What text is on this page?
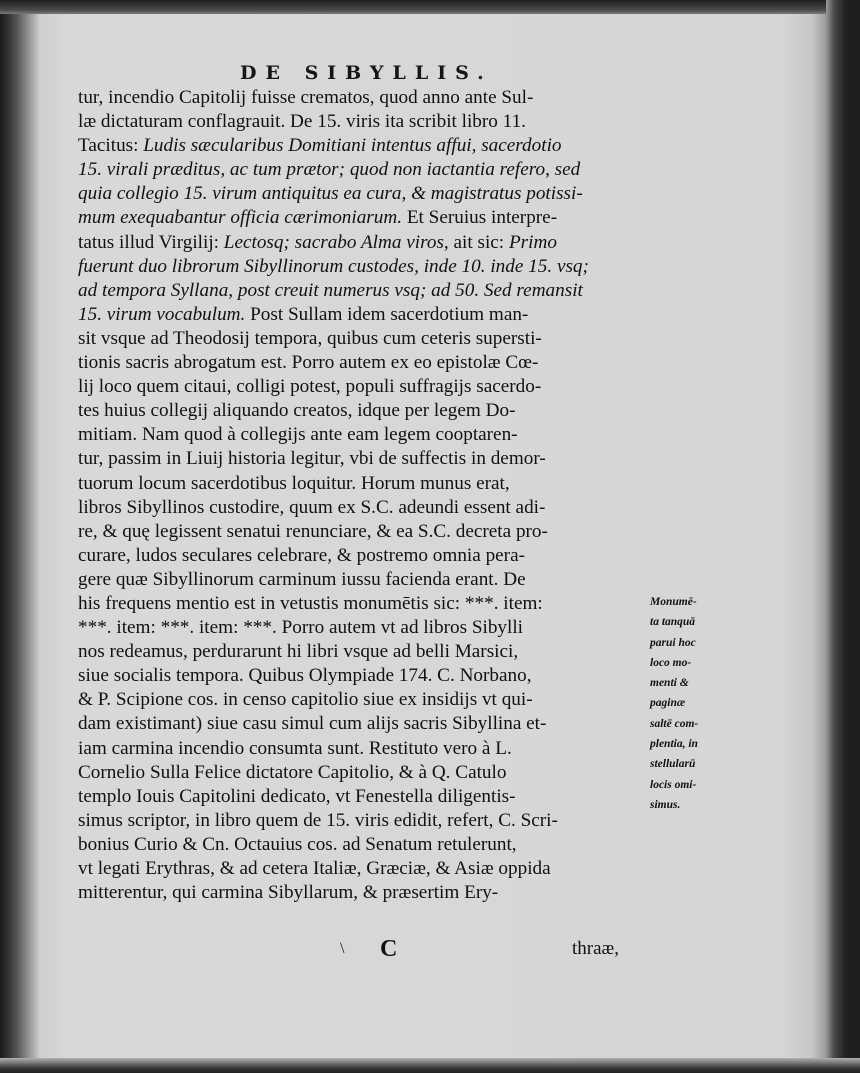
DE SIBYLLIS.
tur, incendio Capitolij fuisse crematos, quod anno ante Sul-
læ dictaturam conflagrauit. De 15. viris ita scribit libro 11.
Tacitus: Ludis sæcularibus Domitiani intentus affui, sacerdotio
15. virali præditus, ac tum prætor; quod non iactantia refero, sed
quia collegio 15. virum antiquitus ea cura, & magistratus potissi-
mum exequabantur officia cærimoniarum. Et Seruius interpre-
tatus illud Virgilij: Lectosq; sacrabo Alma viros, ait sic: Primo
fuerunt duo librorum Sibyllinorum custodes, inde 10. inde 15. vsq;
ad tempora Syllana, post creuit numerus vsq; ad 50. Sed remansit
15. virum vocabulum. Post Sullam idem sacerdotium man-
sit vsque ad Theodosij tempora, quibus cum ceteris supersti-
tionis sacris abrogatum est. Porro autem ex eo epistolæ Cœ-
lij loco quem citaui, colligi potest, populi suffragijs sacerdo-
tes huius collegij aliquando creatos, idque per legem Do-
mitiam. Nam quod à collegijs ante eam legem cooptaren-
tur, passim in Liuij historia legitur, vbi de suffectis in demor-
tuorum locum sacerdotibus loquitur. Horum munus erat,
libros Sibyllinos custodire, quum ex S.C. adeundi essent adi-
re, & quę legissent senatui renunciare, & ea S.C. decreta pro-
curare, ludos seculares celebrare, & postremo omnia pera-
gere quæ Sibyllinorum carminum iussu facienda erant. De
his frequens mentio est in vetustis monumētis sic: ***. item:
***. item: ***. item: ***. Porro autem vt ad libros Sibylli
nos redeamus, perdurarunt hi libri vsque ad belli Marsici,
siue socialis tempora. Quibus Olympiade 174. C. Norbano,
& P. Scipione cos. in censo capitolio siue ex insidijs vt qui-
dam existimant) siue casu simul cum alijs sacris Sibyllina et-
iam carmina incendio consumta sunt. Restituto vero à L.
Cornelio Sulla Felice dictatore Capitolio, & à Q. Catulo
templo Iouis Capitolini dedicato, vt Fenestella diligentis-
simus scriptor, in libro quem de 15. viris edidit, refert, C. Scri-
bonius Curio & Cn. Octauius cos. ad Senatum retulerunt,
vt legati Erythras, & ad cetera Italiæ, Græciæ, & Asiæ oppida
mitterentur, qui carmina Sibyllarum, & præsertim Ery-
Monumē-
ta tanquā
parui hoc
loco mo-
menti &
paginæ
saltē com-
plentia, in
stellularū
locis omi-
simus.
\ C	thraæ,
